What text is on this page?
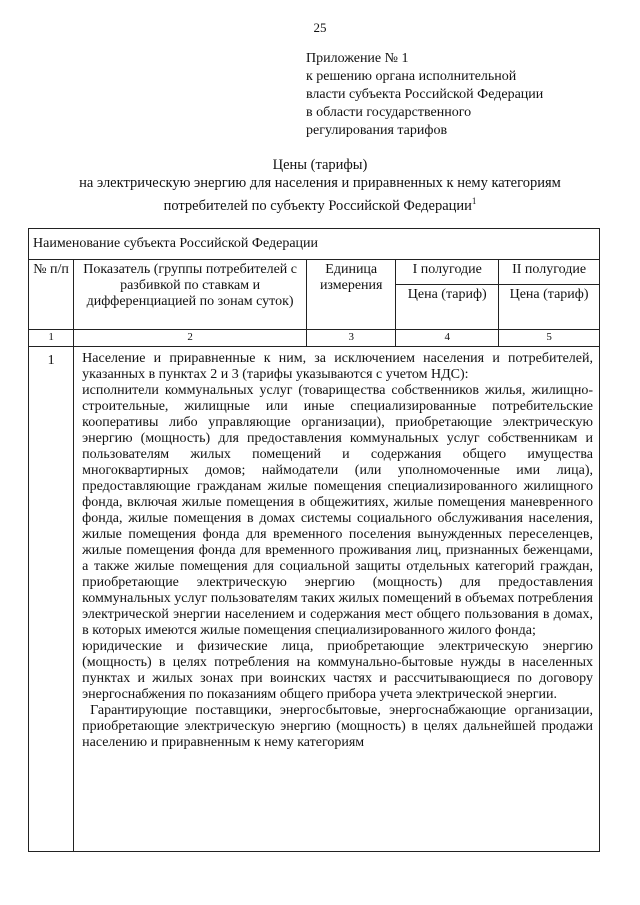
25
Приложение № 1
к решению органа исполнительной
власти субъекта Российской Федерации
в области государственного
регулирования тарифов
Цены (тарифы)
на электрическую энергию для населения и приравненных к нему категориям
потребителей по субъекту Российской Федерации$^1$
Наименование субъекта Российской Федерации				
№ п/п	Показатель (группы потребителей с разбивкой по ставкам и дифференциацией по зонам суток)	Единица измерения	I полугодие	II полугодие
			Цена (тариф)	Цена (тариф)
1	2	3	4	5
1	Население и приравненные к ним, за исключением населения и потребителей, указанных в пунктах 2 и 3 (тарифы указываются с учетом НДС):

исполнители коммунальных услуг (товарищества собственников жилья, жилищно-строительные, жилищные или иные специализированные потребительские кооперативы либо управляющие организации), приобретающие электрическую энергию (мощность) для предоставления коммунальных услуг собственникам и пользователям жилых помещений и содержания общего имущества многоквартирных домов; наймодатели (или уполномоченные ими лица), предоставляющие гражданам жилые помещения специализированного жилищного фонда, включая жилые помещения в общежитиях, жилые помещения маневренного фонда, жилые помещения в домах системы социального обслуживания населения, жилые помещения фонда для временного поселения вынужденных переселенцев, жилые помещения фонда для временного проживания лиц, признанных беженцами, а также жилые помещения для социальной защиты отдельных категорий граждан, приобретающие электрическую энергию (мощность) для предоставления коммунальных услуг пользователям таких жилых помещений в объемах потребления электрической энергии населением и содержания мест общего пользования в домах, в которых имеются жилые помещения специализированного жилого фонда;

юридические и физические лица, приобретающие электрическую энергию (мощность) в целях потребления на коммунально-бытовые нужды в населенных пунктах и жилых зонах при воинских частях и рассчитывающиеся по договору энергоснабжения по показаниям общего прибора учета электрической энергии.

Гарантирующие поставщики, энергосбытовые, энергоснабжающие организации, приобретающие электрическую энергию (мощность) в целях дальнейшей продажи населению и приравненным к нему категориям			
